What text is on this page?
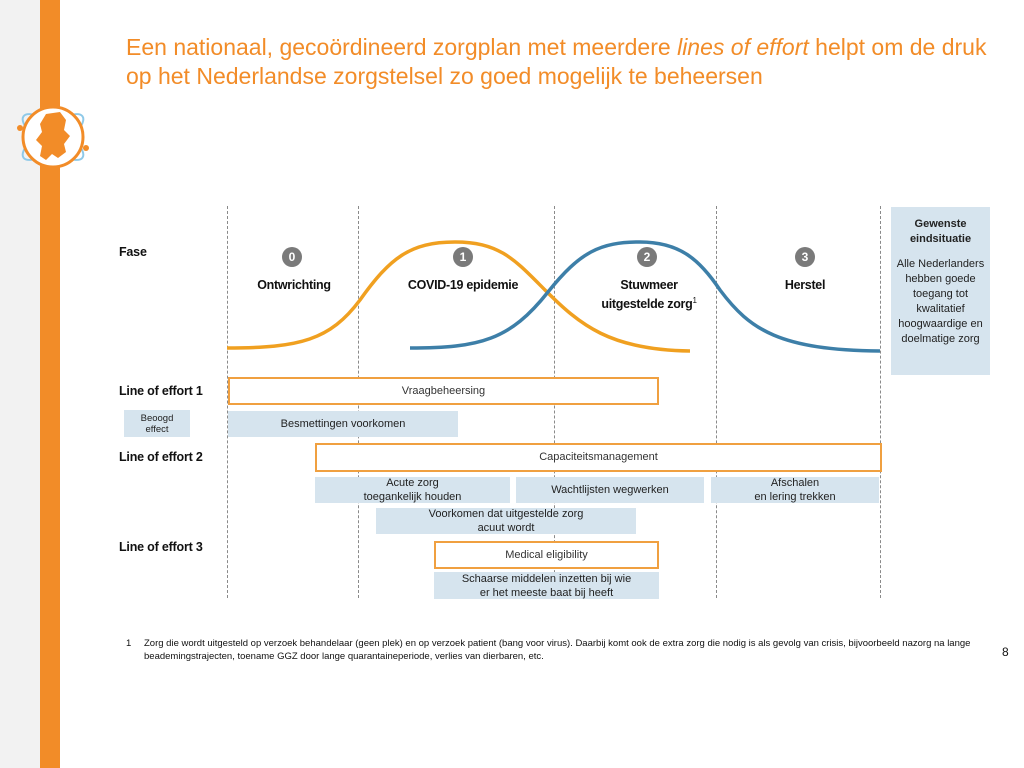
Een nationaal, gecoördineerd zorgplan met meerdere lines of effort helpt om de druk op het Nederlandse zorgstelsel zo goed mogelijk te beheersen
Fase	0
Ontwrichting
1
COVID-19 epidemie
2
Stuwmeer
uitgestelde zorg$^1$
3
Herstel
Gewenste eindsituatie
Alle Nederlanders hebben goede toegang tot kwalitatief hoogwaardige en doelmatige zorg
Line of effort 1	Vraagbeheersing
Beoogd effect	Besmettingen voorkomen
Line of effort 2	Capaciteitsmanagement
Acute zorg
toegankelijk houden
Wachtlijsten wegwerken
Afschalen
en lering trekken
Voorkomen dat uitgestelde zorg
acuut wordt
Line of effort 3
Medical eligibility
Schaarse middelen inzetten bij wie
er het meeste baat bij heeft
1 Zorg die wordt uitgesteld op verzoek behandelaar (geen plek) en op verzoek patient (bang voor virus). Daarbij komt ook de extra zorg die nodig is als gevolg van crisis, bijvoorbeeld nazorg na lange beademingstrajecten, toename GGZ door lange quarantaineperiode, verlies van dierbaren, etc.	8
